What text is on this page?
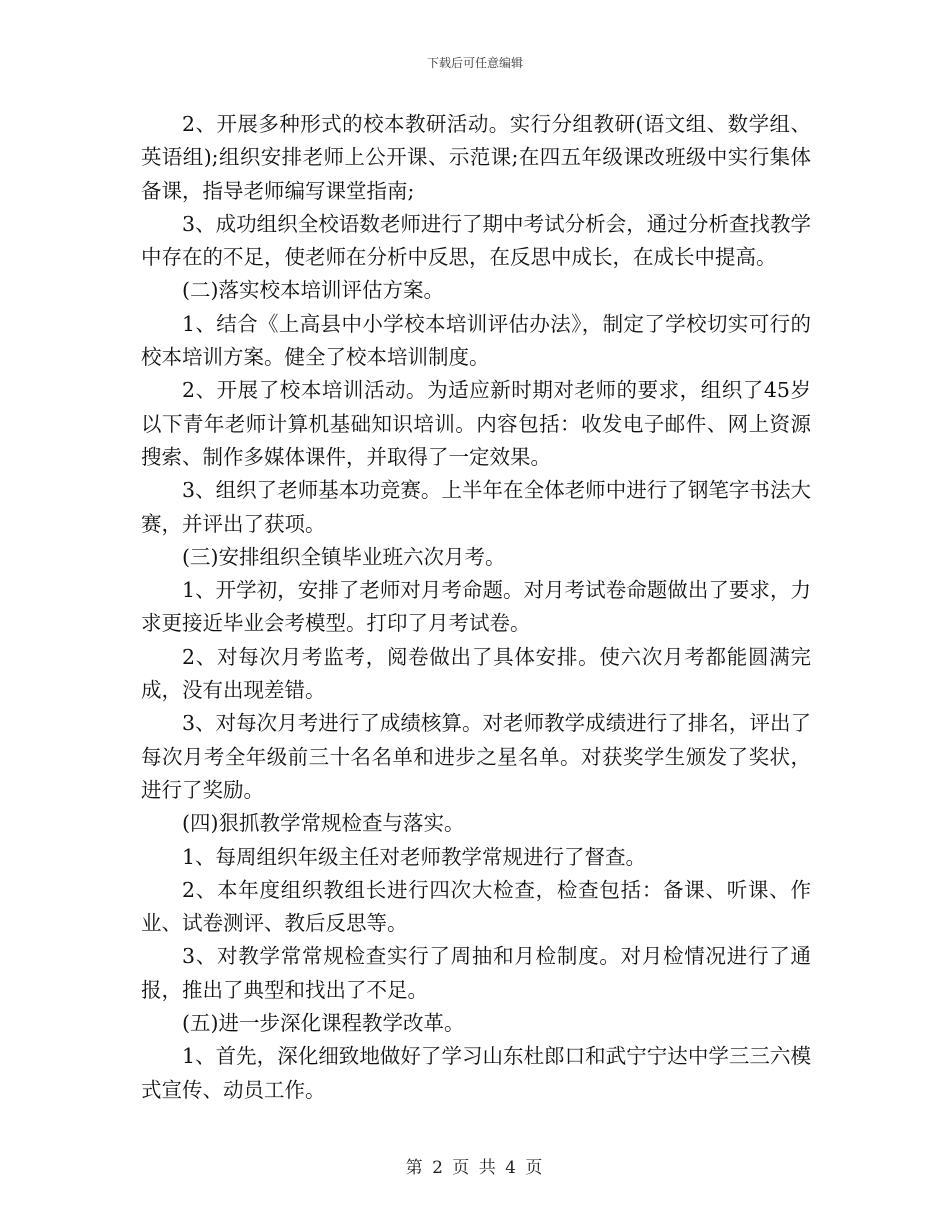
下载后可任意编辑

2、开展多种形式的校本教研活动。实行分组教研(语文组、数学组、英语组);组织安排老师上公开课、示范课;在四五年级课改班级中实行集体备课，指导老师编写课堂指南;

3、成功组织全校语数老师进行了期中考试分析会，通过分析查找教学中存在的不足，使老师在分析中反思，在反思中成长，在成长中提高。

(二)落实校本培训评估方案。

1、结合《上高县中小学校本培训评估办法》，制定了学校切实可行的校本培训方案。健全了校本培训制度。

2、开展了校本培训活动。为适应新时期对老师的要求，组织了45岁以下青年老师计算机基础知识培训。内容包括：收发电子邮件、网上资源搜索、制作多媒体课件，并取得了一定效果。

3、组织了老师基本功竞赛。上半年在全体老师中进行了钢笔字书法大赛，并评出了获项。

(三)安排组织全镇毕业班六次月考。

1、开学初，安排了老师对月考命题。对月考试卷命题做出了要求，力求更接近毕业会考模型。打印了月考试卷。

2、对每次月考监考，阅卷做出了具体安排。使六次月考都能圆满完成，没有出现差错。

3、对每次月考进行了成绩核算。对老师教学成绩进行了排名，评出了每次月考全年级前三十名名单和进步之星名单。对获奖学生颁发了奖状，进行了奖励。

(四)狠抓教学常规检查与落实。

1、每周组织年级主任对老师教学常规进行了督查。

2、本年度组织教组长进行四次大检查，检查包括：备课、听课、作业、试卷测评、教后反思等。

3、对教学常常规检查实行了周抽和月检制度。对月检情况进行了通报，推出了典型和找出了不足。

(五)进一步深化课程教学改革。

1、首先，深化细致地做好了学习山东杜郎口和武宁宁达中学三三六模式宣传、动员工作。

第 2 页 共 4 页
